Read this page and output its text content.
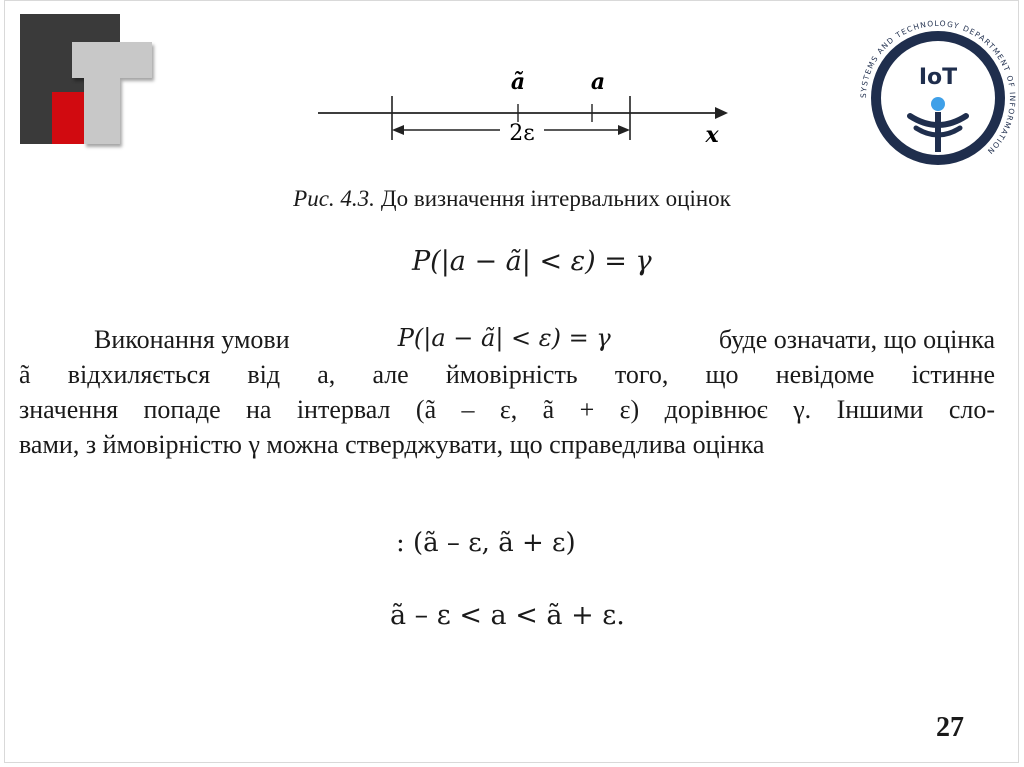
SYSTEMS AND TECHNOLOGY DEPARTMENT OF INFORMATION
IoT
ã	a
2ε	x
Рис. 4.3. До визначення інтервальних оцінок
P(|a − ã| < ε) = γ

Виконання умови	P(|a − ã| < ε) = γ	буде означати, що оцінка

ã відхиляється від a, але ймовірність того, що невідоме істинне

значення попаде на інтервал (ã – ε, ã + ε) дорівнює γ. Іншими сло-

вами, з ймовірністю γ можна стверджувати, що справедлива оцінка

: (ã – ε, ã + ε)
ã – ε < a < ã + ε.
27
